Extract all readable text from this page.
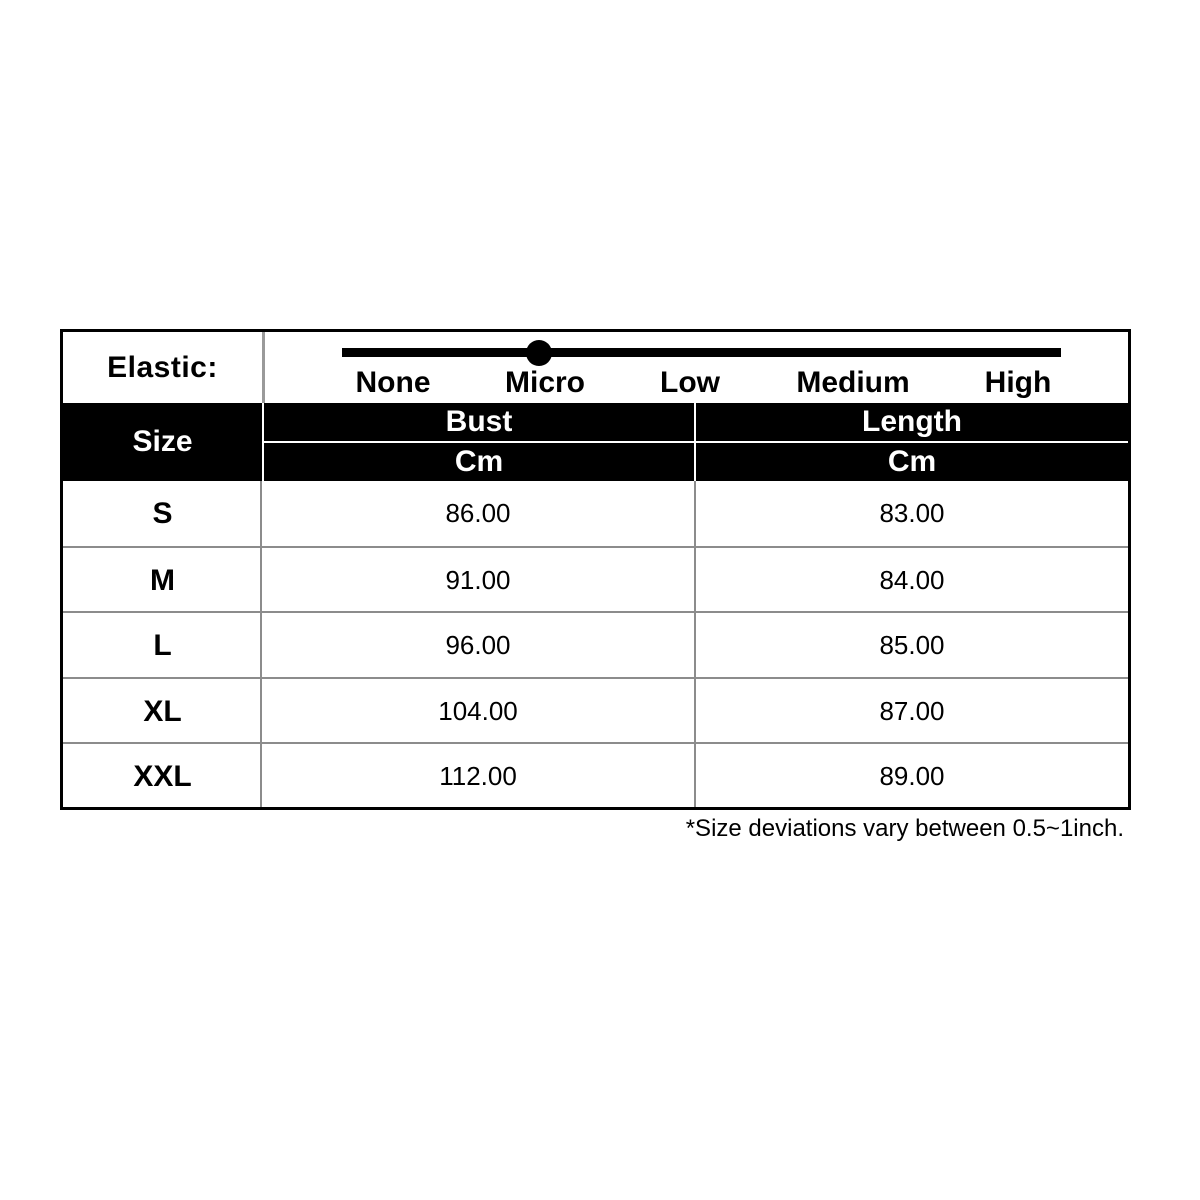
Elastic:	None Micro Low	Medium	High
Size
Bust	Length
Cm	Cm
S	86.00	83.00
M	91.00	84.00
L	96.00	85.00
XL	104.00	87.00
XXL	112.00	89.00
*Size deviations vary between 0.5~1inch.
